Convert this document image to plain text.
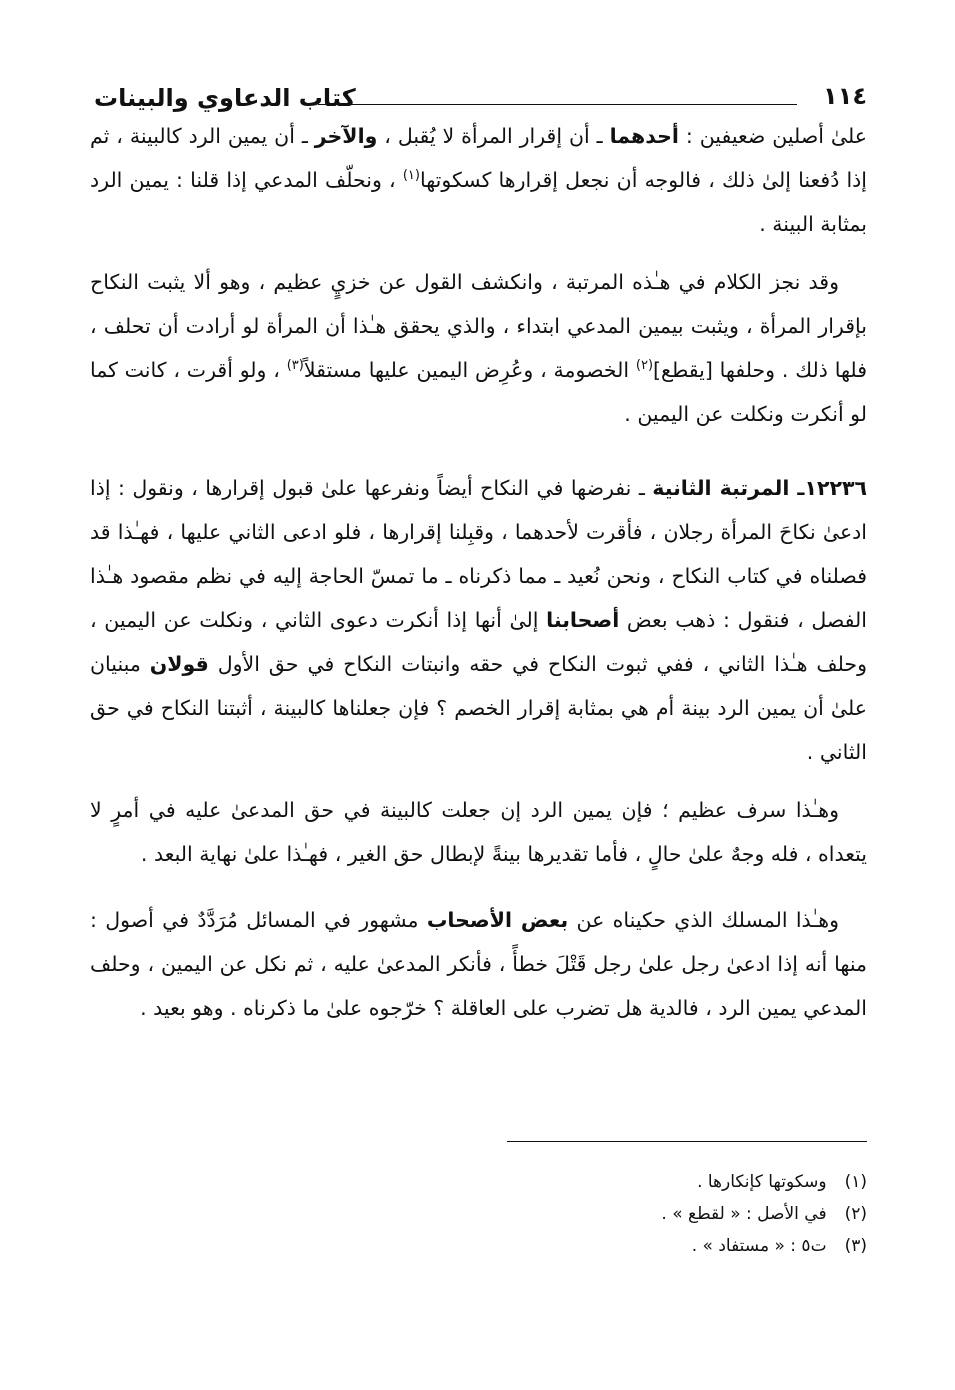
١١٤
كتاب الدعاوي والبينات

علىٰ أصلين ضعيفين : أحدهما ـ أن إقرار المرأة لا يُقبل ، والآخر ـ أن يمين الرد كالبينة ، ثم إذا دُفعنا إلىٰ ذلك ، فالوجه أن نجعل إقرارها كسكوتها$^{(١)}$ ، ونحلّف المدعي إذا قلنا : يمين الرد بمثابة البينة .

وقد نجز الكلام في هـٰذه المرتبة ، وانكشف القول عن خزيٍ عظيم ، وهو ألا يثبت النكاح بإقرار المرأة ، ويثبت بيمين المدعي ابتداء ، والذي يحقق هـٰذا أن المرأة لو أرادت أن تحلف ، فلها ذلك . وحلفها [يقطع]$^{(٢)}$ الخصومة ، وعُرِض اليمين عليها مستقلاً$^{(٣)}$ ، ولو أقرت ، كانت كما لو أنكرت ونكلت عن اليمين .

١٢٢٣٦ـ المرتبة الثانية ـ نفرضها في النكاح أيضاً ونفرعها علىٰ قبول إقرارها ، ونقول : إذا ادعىٰ نكاحَ المرأة رجلان ، فأقرت لأحدهما ، وقبِلنا إقرارها ، فلو ادعى الثاني عليها ، فهـٰذا قد فصلناه في كتاب النكاح ، ونحن نُعيد ـ مما ذكرناه ـ ما تمسّ الحاجة إليه في نظم مقصود هـٰذا الفصل ، فنقول : ذهب بعض أصحابنا إلىٰ أنها إذا أنكرت دعوى الثاني ، ونكلت عن اليمين ، وحلف هـٰذا الثاني ، ففي ثبوت النكاح في حقه وانبتات النكاح في حق الأول قولان مبنيان علىٰ أن يمين الرد بينة أم هي بمثابة إقرار الخصم ؟ فإن جعلناها كالبينة ، أثبتنا النكاح في حق الثاني .

وهـٰذا سرف عظيم ؛ فإن يمين الرد إن جعلت كالبينة في حق المدعىٰ عليه في أمرٍ لا يتعداه ، فله وجهٌ علىٰ حالٍ ، فأما تقديرها بينةً لإبطال حق الغير ، فهـٰذا علىٰ نهاية البعد .

وهـٰذا المسلك الذي حكيناه عن بعض الأصحاب مشهور في المسائل مُرَدَّدٌ في أصول : منها أنه إذا ادعىٰ رجل علىٰ رجل قَتْلَ خطأً ، فأنكر المدعىٰ عليه ، ثم نكل عن اليمين ، وحلف المدعي يمين الرد ، فالدية هل تضرب على العاقلة ؟ خرّجوه علىٰ ما ذكرناه . وهو بعيد .

(١)
وسكوتها كإنكارها .
(٢)
في الأصل : « لقطع » .
(٣)
ت٥ : « مستفاد » .
